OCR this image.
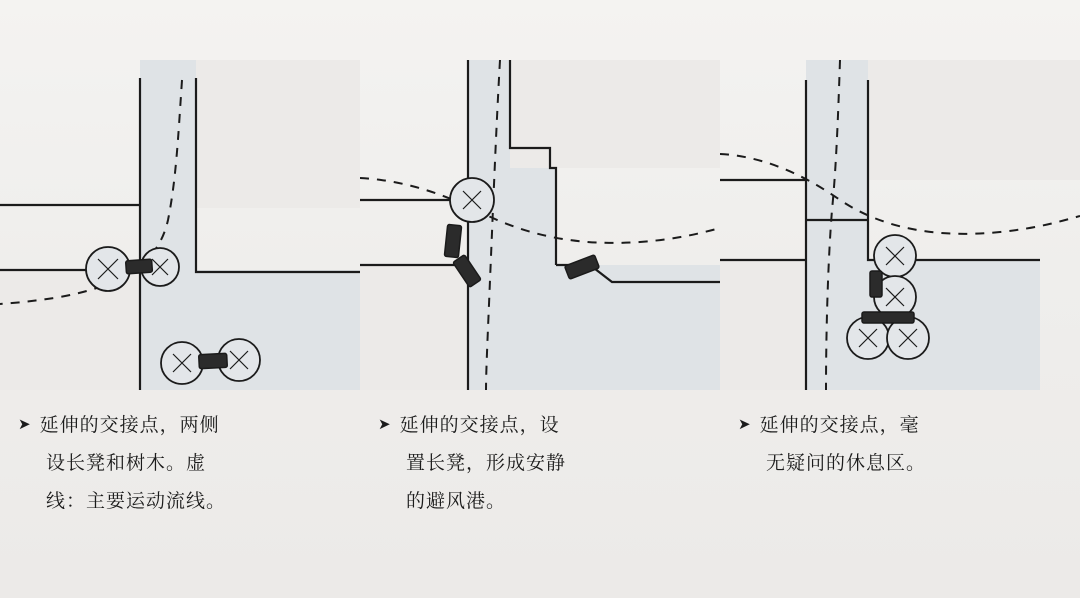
➤ 延伸的交接点，两侧
设长凳和树木。虚
线：主要运动流线。
➤ 延伸的交接点，设
置长凳，形成安静
的避风港。
➤ 延伸的交接点，毫
无疑问的休息区。
